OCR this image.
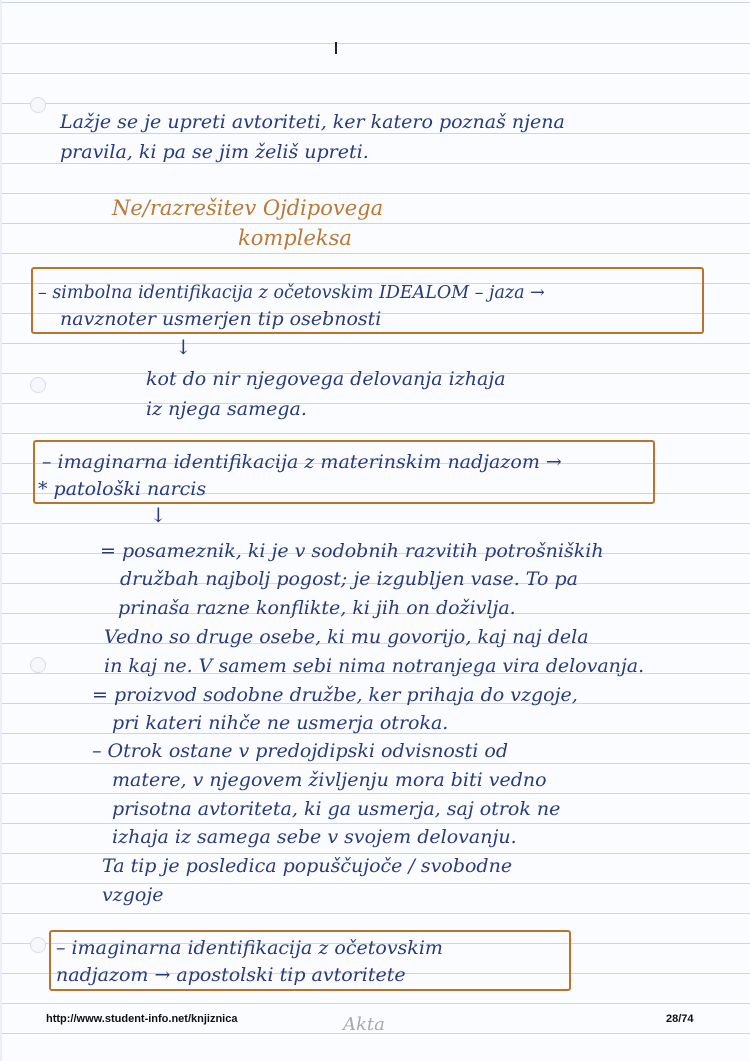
Lažje se je upreti avtoriteti, ker katero poznaš njena
pravila, ki pa se jim želiš upreti.
Ne/razrešitev Ojdipovega
kompleksa
– simbolna identifikacija z očetovskim IDEALOM – jaza →
navznoter usmerjen tip osebnosti
↓
kot do nir njegovega delovanja izhaja
iz njega samega.
– imaginarna identifikacija z materinskim nadjazom →
* patološki narcis
↓
= posameznik, ki je v sodobnih razvitih potrošniških
družbah najbolj pogost; je izgubljen vase. To pa
prinaša razne konflikte, ki jih on doživlja.
Vedno so druge osebe, ki mu govorijo, kaj naj dela
in kaj ne. V samem sebi nima notranjega vira delovanja.
= proizvod sodobne družbe, ker prihaja do vzgoje,
pri kateri nihče ne usmerja otroka.
– Otrok ostane v predojdipski odvisnosti od
matere, v njegovem življenju mora biti vedno
prisotna avtoriteta, ki ga usmerja, saj otrok ne
izhaja iz samega sebe v svojem delovanju.
Ta tip je posledica popuščujoče / svobodne
vzgoje
– imaginarna identifikacija z očetovskim
nadjazom → apostolski tip avtoritete
http://www.student-info.net/knjiznica	Akta	28/74
